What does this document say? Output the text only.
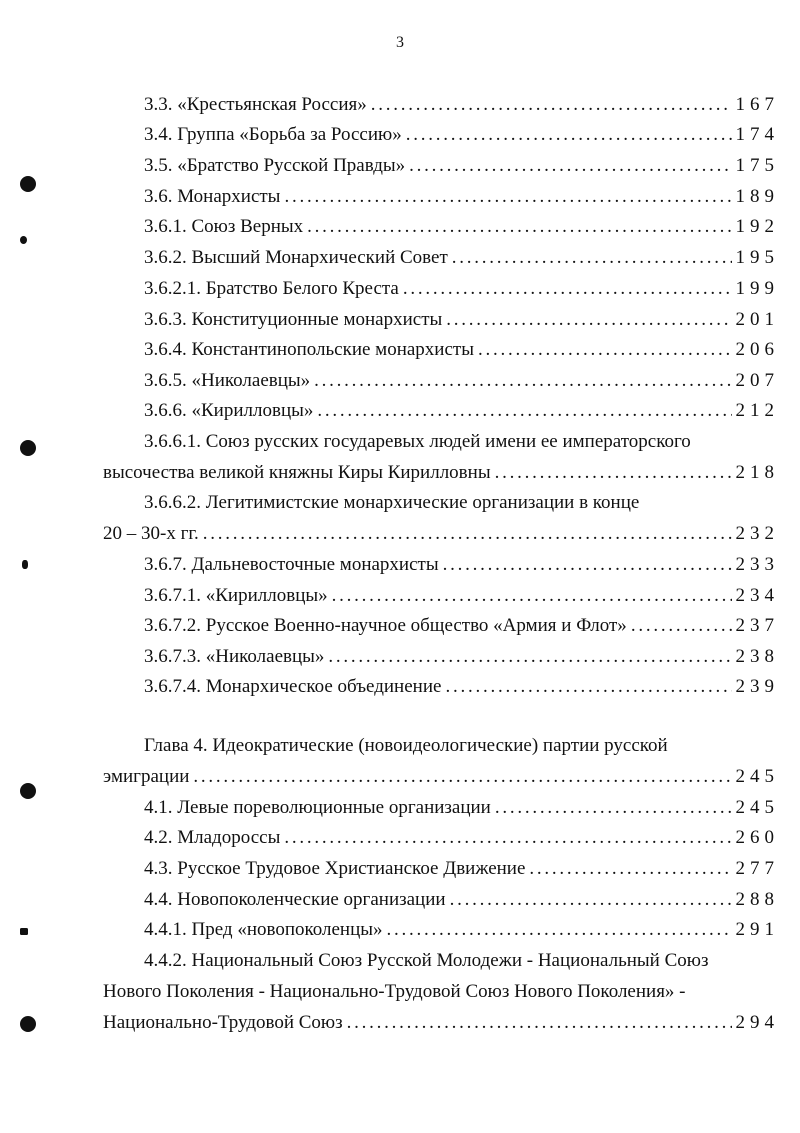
3
3.3. «Крестьянская Россия» . . .	167
3.4. Группа «Борьба за Россию» . . .	174
3.5. «Братство Русской Правды» . . .	175
3.6. Монархисты . . .	189
3.6.1. Союз Верных . . .	192
3.6.2. Высший Монархический Совет . . .	195
3.6.2.1. Братство Белого Креста . . .	199
3.6.3. Конституционные монархисты . . .	201
3.6.4. Константинопольские монархисты . . .	206
3.6.5. «Николаевцы» . . .	207
3.6.6. «Кирилловцы» . . .	212
3.6.6.1. Союз русских государевых людей имени ее императорского
высочества великой княжны Киры Кирилловны . . .	218
3.6.6.2. Легитимистские монархические организации в конце
20 – 30-х гг. . . .	232
3.6.7. Дальневосточные монархисты . . .	233
3.6.7.1. «Кирилловцы» . . .	234
3.6.7.2. Русское Военно-научное общество «Армия и Флот» . . .	237
3.6.7.3. «Николаевцы» . . .	238
3.6.7.4. Монархическое объединение . . .	239
Глава 4. Идеократические (новоидеологические) партии русской
эмиграции . . .	245
4.1. Левые пореволюционные организации . . .	245
4.2. Младороссы . . .	260
4.3. Русское Трудовое Христианское Движение . . .	277
4.4. Новопоколенческие организации . . .	288
4.4.1. Пред «новопоколенцы» . . .	291
4.4.2. Национальный Союз Русской Молодежи - Национальный Союз
Нового Поколения - Национально-Трудовой Союз Нового Поколения» -
Национально-Трудовой Союз . . .	294
